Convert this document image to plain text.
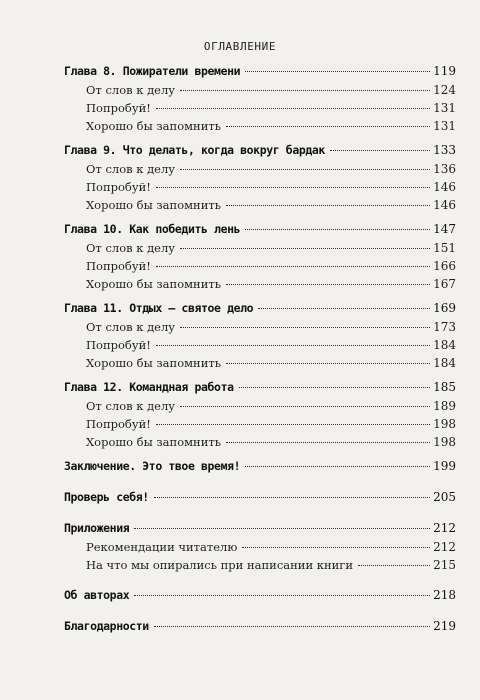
ОГЛАВЛЕНИЕ
Глава 8. Пожиратели времени	119
От слов к делу	124
Попробуй!	131
Хорошо бы запомнить	131
Глава 9. Что делать, когда вокруг бардак	133
От слов к делу	136
Попробуй!	146
Хорошо бы запомнить	146
Глава 10. Как победить лень	147
От слов к делу	151
Попробуй!	166
Хорошо бы запомнить	167
Глава 11. Отдых – святое дело	169
От слов к делу	173
Попробуй!	184
Хорошо бы запомнить	184
Глава 12. Командная работа	185
От слов к делу	189
Попробуй!	198
Хорошо бы запомнить	198
Заключение. Это твое время!	199
Проверь себя!	205
Приложения	212
Рекомендации читателю	212
На что мы опирались при написании книги	215
Об авторах	218
Благодарности	219
